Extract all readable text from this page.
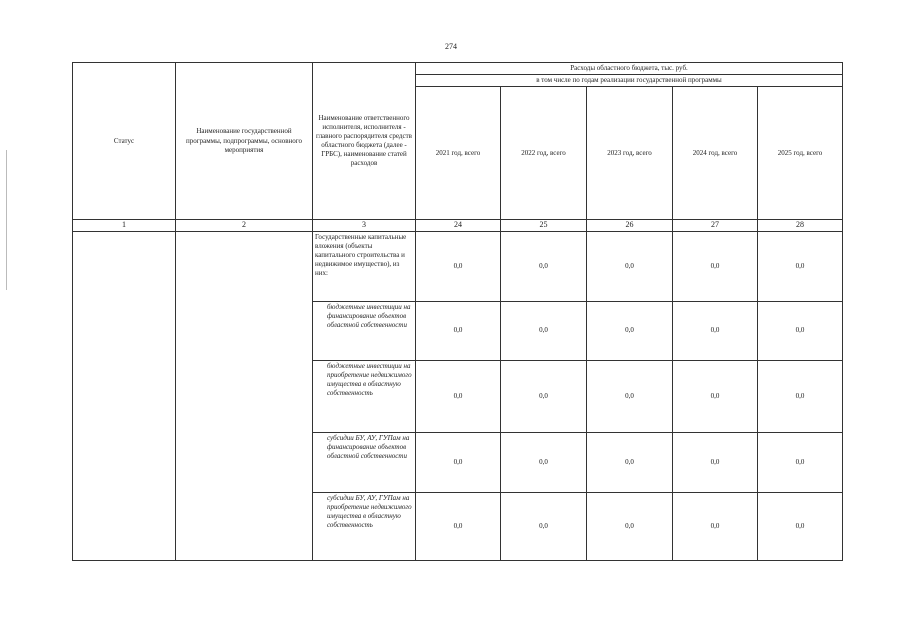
274
Статус	Наименование государственной программы, подпрограммы, основного мероприятия	Наименование ответственного исполнителя, исполнителя - главного распорядителя средств областного бюджета (далее - ГРБС), наименование статей расходов	Расходы областного бюджета, тыс. руб.				
			в том числе по годам реализации государственной программы				
			2021 год, всего	2022 год, всего	2023 год, всего	2024 год, всего	2025 год, всего
1	2	3	24	25	26	27	28
		Государственные капитальные вложения (объекты капитального строительства и недвижимое имущество), из них:	0,0	0,0	0,0	0,0	0,0
		бюджетные инвестиции на финансирование объектов областной собственности	0,0	0,0	0,0	0,0	0,0
		бюджетные инвестиции на приобретение недвижимого имущества в областную собственность	0,0	0,0	0,0	0,0	0,0
		субсидии БУ, АУ, ГУПам на финансирование объектов областной собственности	0,0	0,0	0,0	0,0	0,0
		субсидии БУ, АУ, ГУПам на приобретение недвижимого имущества в областную собственность	0,0	0,0	0,0	0,0	0,0
